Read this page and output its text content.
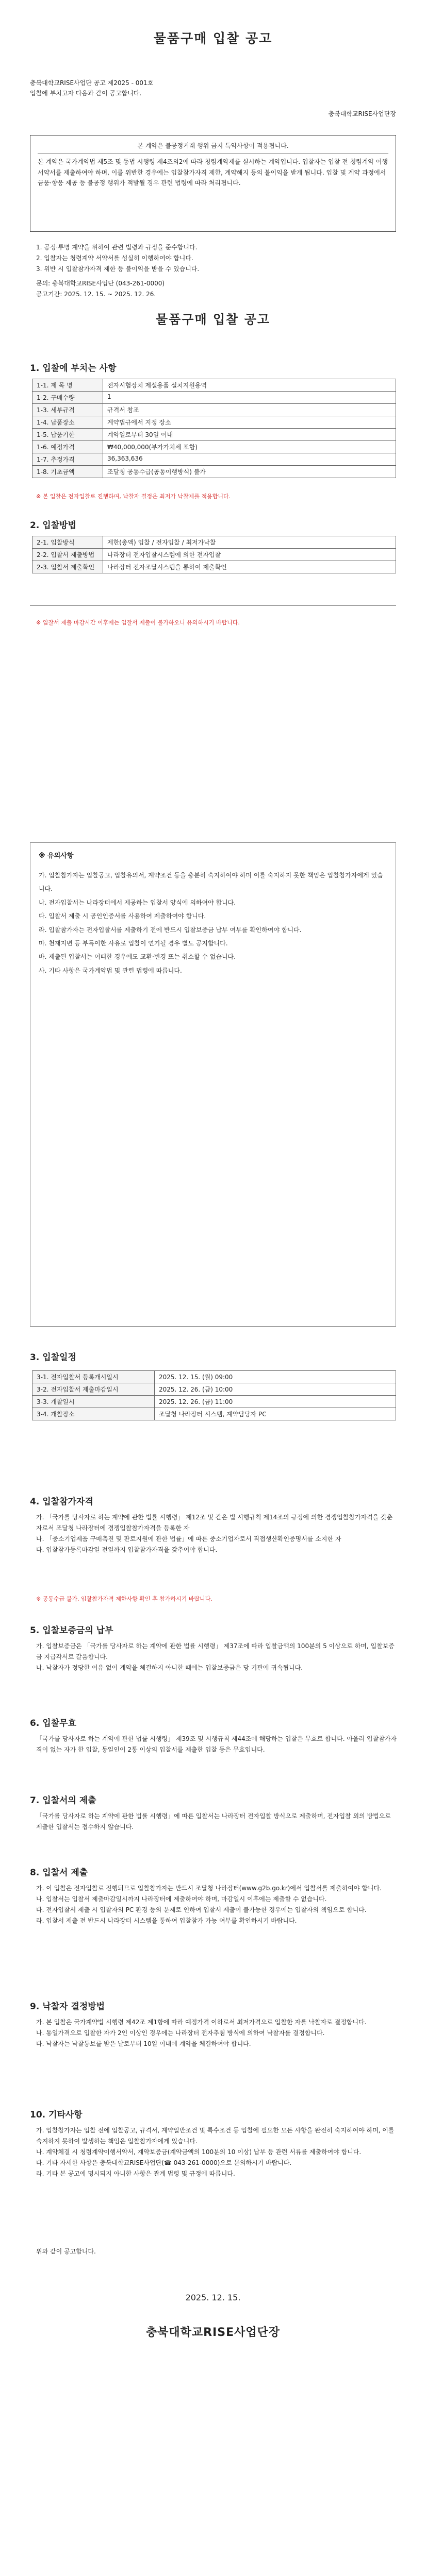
물품구매 입찰 공고
충북대학교RISE사업단 공고 제2025 - 001호
입찰에 부치고자 다음과 같이 공고합니다.
충북대학교RISE사업단장
본 계약은 불공정거래 행위 금지 특약사항이 적용됩니다.
본 계약은 국가계약법 제5조 및 동법 시행령 제4조의2에 따라 청렴계약제를 실시하는 계약입니다. 입찰자는 입찰 전 청렴계약 이행서약서를 제출하여야 하며, 이를 위반한 경우에는 입찰참가자격 제한, 계약해지 등의 불이익을 받게 됩니다. 입찰 및 계약 과정에서 금품·향응 제공 등 불공정 행위가 적발될 경우 관련 법령에 따라 처리됩니다.
1. 공정·투명 계약을 위하여 관련 법령과 규정을 준수합니다.
2. 입찰자는 청렴계약 서약서를 성실히 이행하여야 합니다.
3. 위반 시 입찰참가자격 제한 등 불이익을 받을 수 있습니다.
문의: 충북대학교RISE사업단 (043-261-0000)
공고기간: 2025. 12. 15. ~ 2025. 12. 26.
물품구매 입찰 공고
1. 입찰에 부치는 사항
1-1. 제 목 명	전자시험장치 제설용품 설치지원용역
1-2. 구매수량	1
1-3. 세부규격	규격서 참조
1-4. 납품장소	계약법규에서 지정 장소
1-5. 납품기한	계약일로부터 30일 이내
1-6. 예정가격	₩40,000,000(부가가치세 포함)
1-7. 추정가격	36,363,636
1-8. 기초금액	조달청 공동수급(공동이행방식) 불가
※ 본 입찰은 전자입찰로 진행하며, 낙찰자 결정은 최저가 낙찰제를 적용합니다.
2. 입찰방법
2-1. 입찰방식	제한(총액) 입찰 / 전자입찰 / 최저가낙찰
2-2. 입찰서 제출방법	나라장터 전자입찰시스템에 의한 전자입찰
2-3. 입찰서 제출확인	나라장터 전자조달시스템을 통하여 제출확인
※ 입찰서 제출 마감시간 이후에는 입찰서 제출이 불가하오니 유의하시기 바랍니다.
※ 유의사항
가. 입찰참가자는 입찰공고, 입찰유의서, 계약조건 등을 충분히 숙지하여야 하며 이를 숙지하지 못한 책임은 입찰참가자에게 있습니다.
나. 전자입찰서는 나라장터에서 제공하는 입찰서 양식에 의하여야 합니다.
다. 입찰서 제출 시 공인인증서를 사용하여 제출하여야 합니다.
라. 입찰참가자는 전자입찰서를 제출하기 전에 반드시 입찰보증금 납부 여부를 확인하여야 합니다.
마. 천재지변 등 부득이한 사유로 입찰이 연기될 경우 별도 공지합니다.
바. 제출된 입찰서는 어떠한 경우에도 교환·변경 또는 취소할 수 없습니다.
사. 기타 사항은 국가계약법 및 관련 법령에 따릅니다.
3. 입찰일정
3-1. 전자입찰서 등록개시일시	2025. 12. 15. (월) 09:00
3-2. 전자입찰서 제출마감일시	2025. 12. 26. (금) 10:00
3-3. 개찰일시	2025. 12. 26. (금) 11:00
3-4. 개찰장소	조달청 나라장터 시스템, 계약담당자 PC
4. 입찰참가자격
가. 「국가를 당사자로 하는 계약에 관한 법률 시행령」 제12조 및 같은 법 시행규칙 제14조의 규정에 의한 경쟁입찰참가자격을 갖춘 자로서 조달청 나라장터에 경쟁입찰참가자격을 등록한 자
나. 「중소기업제품 구매촉진 및 판로지원에 관한 법률」에 따른 중소기업자로서 직접생산확인증명서를 소지한 자
다. 입찰참가등록마감일 전일까지 입찰참가자격을 갖추어야 합니다.
※ 공동수급 불가. 입찰참가자격 제한사항 확인 후 참가하시기 바랍니다.
5. 입찰보증금의 납부
가. 입찰보증금은 「국가를 당사자로 하는 계약에 관한 법률 시행령」 제37조에 따라 입찰금액의 100분의 5 이상으로 하며, 입찰보증금 지급각서로 갈음합니다.
나. 낙찰자가 정당한 이유 없이 계약을 체결하지 아니한 때에는 입찰보증금은 당 기관에 귀속됩니다.
6. 입찰무효
「국가를 당사자로 하는 계약에 관한 법률 시행령」 제39조 및 시행규칙 제44조에 해당하는 입찰은 무효로 합니다. 아울러 입찰참가자격이 없는 자가 한 입찰, 동일인이 2통 이상의 입찰서를 제출한 입찰 등은 무효입니다.
7. 입찰서의 제출
「국가를 당사자로 하는 계약에 관한 법률 시행령」에 따른 입찰서는 나라장터 전자입찰 방식으로 제출하며, 전자입찰 외의 방법으로 제출한 입찰서는 접수하지 않습니다.
8. 입찰서 제출
가. 이 입찰은 전자입찰로 진행되므로 입찰참가자는 반드시 조달청 나라장터(www.g2b.go.kr)에서 입찰서를 제출하여야 합니다.
나. 입찰서는 입찰서 제출마감일시까지 나라장터에 제출하여야 하며, 마감일시 이후에는 제출할 수 없습니다.
다. 전자입찰서 제출 시 입찰자의 PC 환경 등의 문제로 인하여 입찰서 제출이 불가능한 경우에는 입찰자의 책임으로 합니다.
라. 입찰서 제출 전 반드시 나라장터 시스템을 통하여 입찰참가 가능 여부를 확인하시기 바랍니다.
9. 낙찰자 결정방법
가. 본 입찰은 국가계약법 시행령 제42조 제1항에 따라 예정가격 이하로서 최저가격으로 입찰한 자를 낙찰자로 결정합니다.
나. 동일가격으로 입찰한 자가 2인 이상인 경우에는 나라장터 전자추첨 방식에 의하여 낙찰자를 결정합니다.
다. 낙찰자는 낙찰통보를 받은 날로부터 10일 이내에 계약을 체결하여야 합니다.
10. 기타사항
가. 입찰참가자는 입찰 전에 입찰공고, 규격서, 계약일반조건 및 특수조건 등 입찰에 필요한 모든 사항을 완전히 숙지하여야 하며, 이를 숙지하지 못하여 발생하는 책임은 입찰참가자에게 있습니다.
나. 계약체결 시 청렴계약이행서약서, 계약보증금(계약금액의 100분의 10 이상) 납부 등 관련 서류를 제출하여야 합니다.
다. 기타 자세한 사항은 충북대학교RISE사업단(☎ 043-261-0000)으로 문의하시기 바랍니다.
라. 기타 본 공고에 명시되지 아니한 사항은 관계 법령 및 규정에 따릅니다.
위와 같이 공고합니다.
2025. 12. 15.
충북대학교RISE사업단장
